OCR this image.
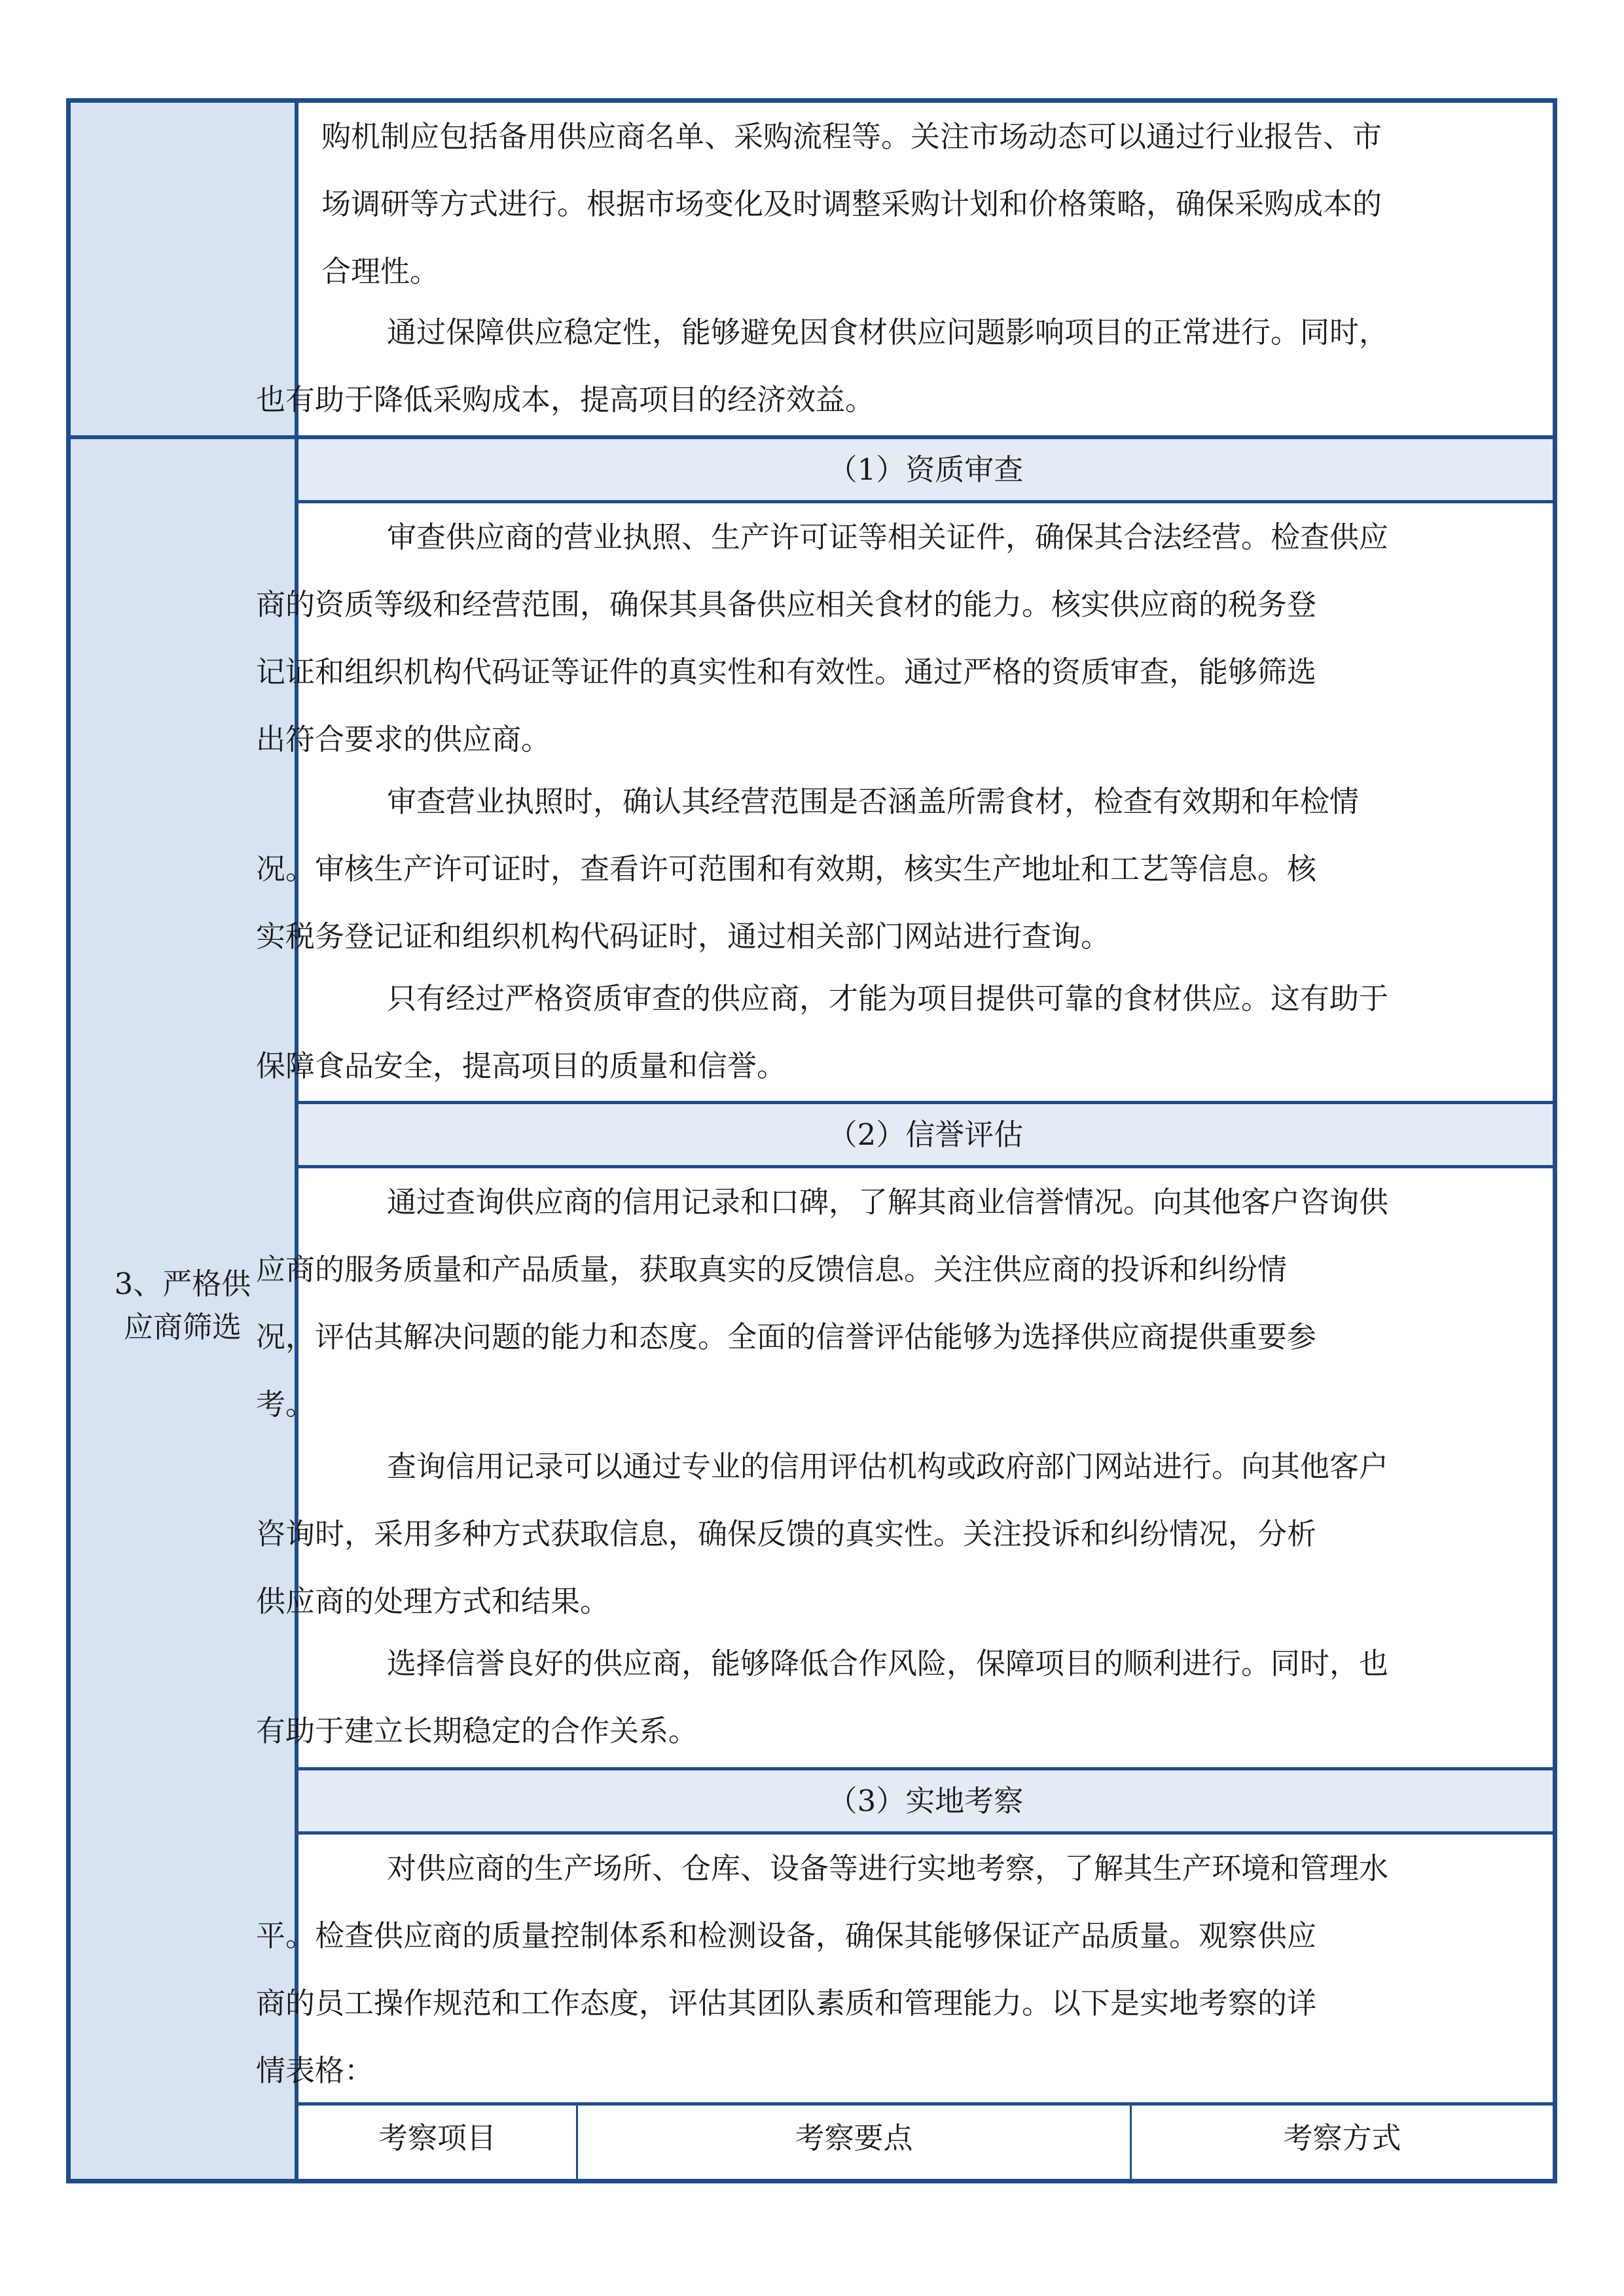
购机制应包括备用供应商名单、采购流程等。关注市场动态可以通过行业报告、市
场调研等方式进行。根据市场变化及时调整采购计划和价格策略，确保采购成本的
合理性。

通过保障供应稳定性，能够避免因食材供应问题影响项目的正常进行。同时，
也有助于降低采购成本，提高项目的经济效益。

3、严格供
应商筛选
（1）资质审查

审查供应商的营业执照、生产许可证等相关证件，确保其合法经营。检查供应
商的资质等级和经营范围，确保其具备供应相关食材的能力。核实供应商的税务登
记证和组织机构代码证等证件的真实性和有效性。通过严格的资质审查，能够筛选
出符合要求的供应商。

审查营业执照时，确认其经营范围是否涵盖所需食材，检查有效期和年检情
况。审核生产许可证时，查看许可范围和有效期，核实生产地址和工艺等信息。核
实税务登记证和组织机构代码证时，通过相关部门网站进行查询。

只有经过严格资质审查的供应商，才能为项目提供可靠的食材供应。这有助于
保障食品安全，提高项目的质量和信誉。

（2）信誉评估

通过查询供应商的信用记录和口碑，了解其商业信誉情况。向其他客户咨询供
应商的服务质量和产品质量，获取真实的反馈信息。关注供应商的投诉和纠纷情
况，评估其解决问题的能力和态度。全面的信誉评估能够为选择供应商提供重要参
考。

查询信用记录可以通过专业的信用评估机构或政府部门网站进行。向其他客户
咨询时，采用多种方式获取信息，确保反馈的真实性。关注投诉和纠纷情况，分析
供应商的处理方式和结果。

选择信誉良好的供应商，能够降低合作风险，保障项目的顺利进行。同时，也
有助于建立长期稳定的合作关系。

（3）实地考察

对供应商的生产场所、仓库、设备等进行实地考察，了解其生产环境和管理水
平。检查供应商的质量控制体系和检测设备，确保其能够保证产品质量。观察供应
商的员工操作规范和工作态度，评估其团队素质和管理能力。以下是实地考察的详
情表格：

考察项目	考察要点	考察方式
